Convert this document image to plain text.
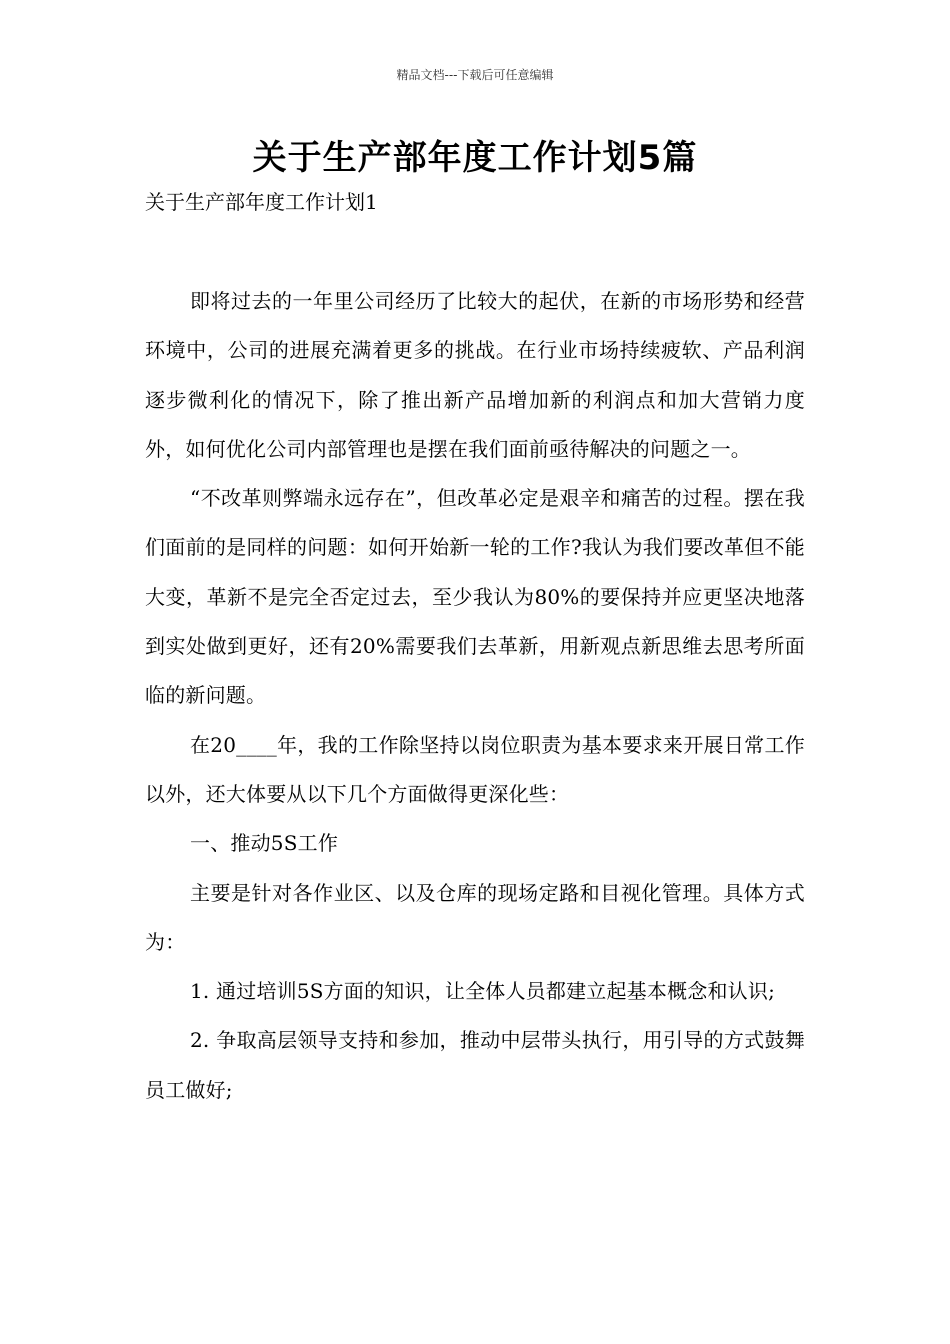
精品文档---下载后可任意编辑
关于生产部年度工作计划5篇
关于生产部年度工作计划1

即将过去的一年里公司经历了比较大的起伏，在新的市场形势和经营环境中，公司的进展充满着更多的挑战。在行业市场持续疲软、产品利润逐步微利化的情况下，除了推出新产品增加新的利润点和加大营销力度外，如何优化公司内部管理也是摆在我们面前亟待解决的问题之一。

“不改革则弊端永远存在”，但改革必定是艰辛和痛苦的过程。摆在我们面前的是同样的问题：如何开始新一轮的工作?我认为我们要改革但不能大变，革新不是完全否定过去，至少我认为80%的要保持并应更坚决地落到实处做到更好，还有20%需要我们去革新，用新观点新思维去思考所面临的新问题。

在20____年，我的工作除坚持以岗位职责为基本要求来开展日常工作以外，还大体要从以下几个方面做得更深化些：

一、推动5S工作

主要是针对各作业区、以及仓库的现场定路和目视化管理。具体方式为：

1. 通过培训5S方面的知识，让全体人员都建立起基本概念和认识;

2. 争取高层领导支持和参加，推动中层带头执行，用引导的方式鼓舞员工做好;
